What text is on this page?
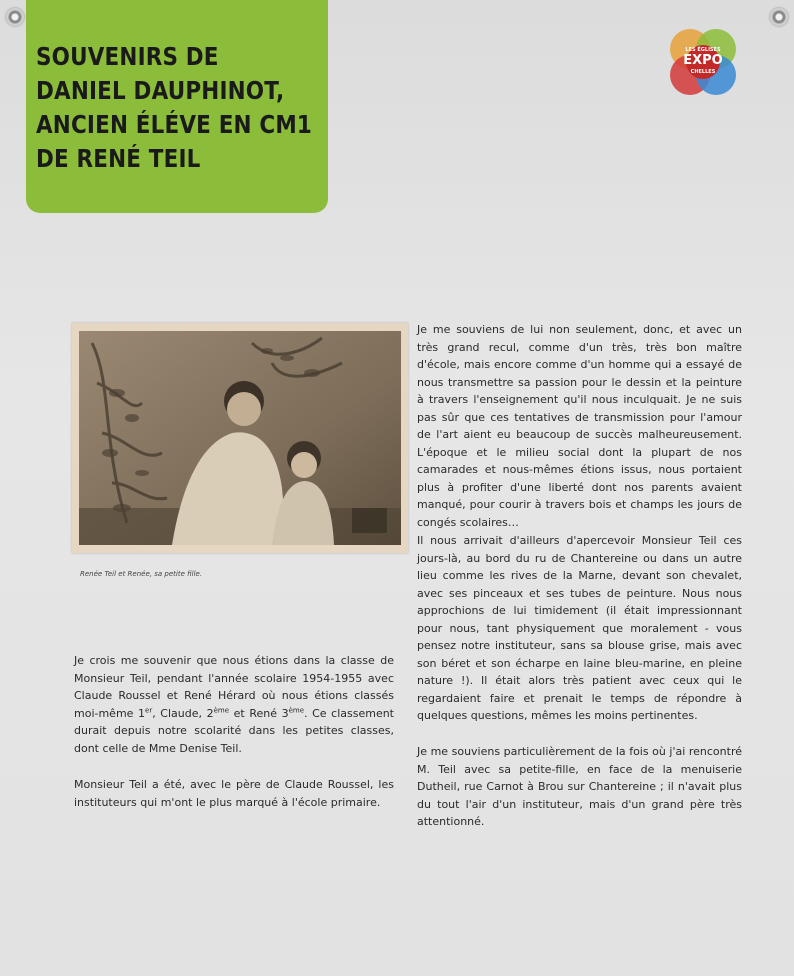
SOUVENIRS DE
DANIEL DAUPHINOT,
ANCIEN ÉLÉVE EN CM1
DE RENÉ TEIL
LES ÉGLISES
EXPO
CHELLES
Renée Teil et Renée, sa petite fille.

Je crois me souvenir que nous étions dans la classe de Monsieur Teil, pendant l'année scolaire 1954-1955 avec Claude Roussel et René Hérard où nous étions classés moi-même 1er, Claude, 2ème et René 3ème. Ce classement durait depuis notre scolarité dans les petites classes, dont celle de Mme Denise Teil.

Monsieur Teil a été, avec le père de Claude Roussel, les instituteurs qui m'ont le plus marqué à l'école primaire.

Je me souviens de lui non seulement, donc, et avec un très grand recul, comme d'un très, très bon maître d'école, mais encore comme d'un homme qui a essayé de nous transmettre sa passion pour le dessin et la peinture à travers l'enseignement qu'il nous inculquait. Je ne suis pas sûr que ces tentatives de transmission pour l'amour de l'art aient eu beaucoup de succès malheureusement. L'époque et le milieu social dont la plupart de nos camarades et nous-mêmes étions issus, nous portaient plus à profiter d'une liberté dont nos parents avaient manqué, pour courir à travers bois et champs les jours de congés scolaires…

Il nous arrivait d'ailleurs d'apercevoir Monsieur Teil ces jours-là, au bord du ru de Chantereine ou dans un autre lieu comme les rives de la Marne, devant son chevalet, avec ses pinceaux et ses tubes de peinture. Nous nous approchions de lui timidement (il était impressionnant pour nous, tant physiquement que moralement - vous pensez notre instituteur, sans sa blouse grise, mais avec son béret et son écharpe en laine bleu-marine, en pleine nature !). Il était alors très patient avec ceux qui le regardaient faire et prenait le temps de répondre à quelques questions, mêmes les moins pertinentes.

Je me souviens particulièrement de la fois où j'ai rencontré M. Teil avec sa petite-fille, en face de la menuiserie Dutheil, rue Carnot à Brou sur Chantereine ; il n'avait plus du tout l'air d'un instituteur, mais d'un grand père très attentionné.
